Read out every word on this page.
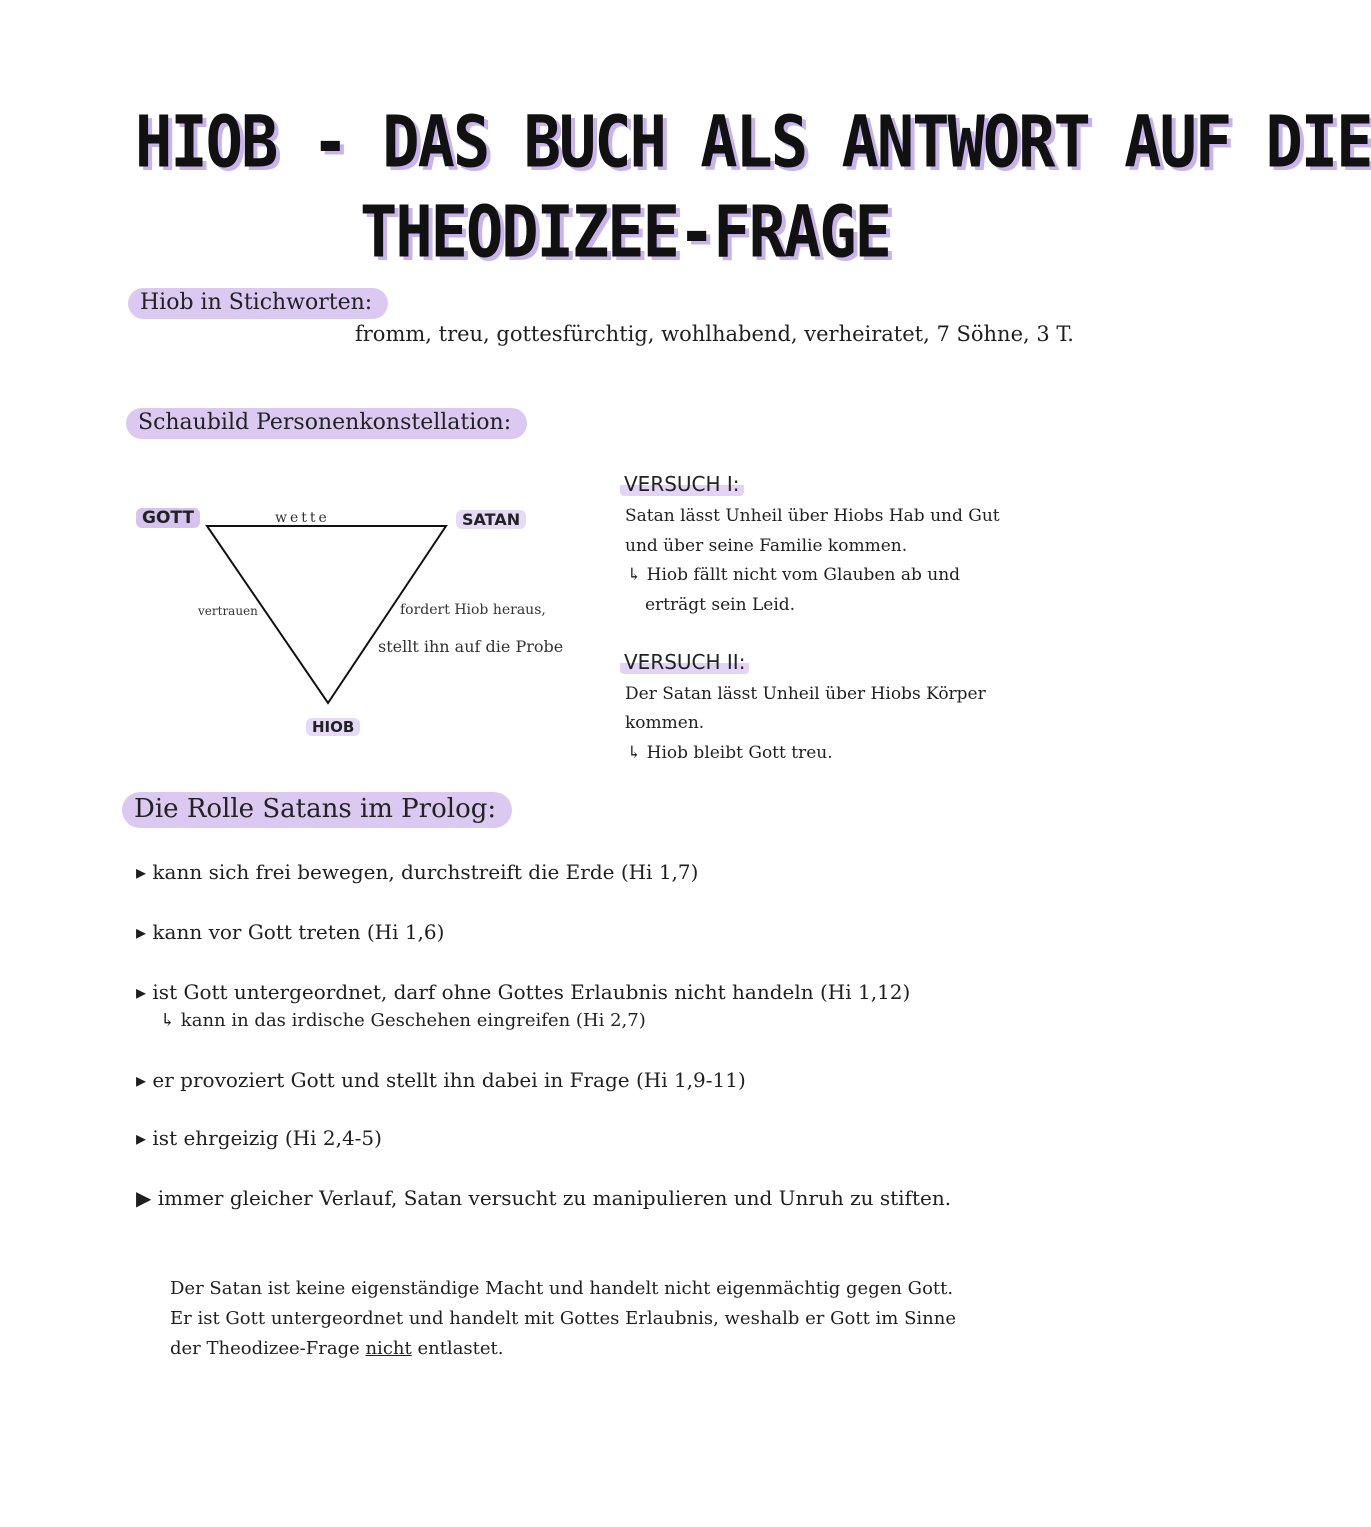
HIOB - DAS BUCH ALS ANTWORT AUF DIE
THEODIZEE-FRAGE
Hiob in Stichworten:
fromm, treu, gottesfürchtig, wohlhabend, verheiratet, 7 Söhne, 3 T.
Schaubild Personenkonstellation:
GOTT	SATAN
HIOB
wette
vertrauen	fordert Hiob heraus,
stellt ihn auf die Probe
VERSUCH I:
Satan lässt Unheil über Hiobs Hab und Gut
und über seine Familie kommen.
↳ Hiob fällt nicht vom Glauben ab und
erträgt sein Leid.
VERSUCH II:
Der Satan lässt Unheil über Hiobs Körper
kommen.
↳ Hiob bleibt Gott treu.
Die Rolle Satans im Prolog:
▸ kann sich frei bewegen, durchstreift die Erde (Hi 1,7)
▸ kann vor Gott treten (Hi 1,6)
▸ ist Gott untergeordnet, darf ohne Gottes Erlaubnis nicht handeln (Hi 1,12)
↳ kann in das irdische Geschehen eingreifen (Hi 2,7)
▸ er provoziert Gott und stellt ihn dabei in Frage (Hi 1,9-11)
▸ ist ehrgeizig (Hi 2,4-5)
▶ immer gleicher Verlauf, Satan versucht zu manipulieren und Unruh zu stiften.
Der Satan ist keine eigenständige Macht und handelt nicht eigenmächtig gegen Gott.
Er ist Gott untergeordnet und handelt mit Gottes Erlaubnis, weshalb er Gott im Sinne
der Theodizee-Frage nicht entlastet.
